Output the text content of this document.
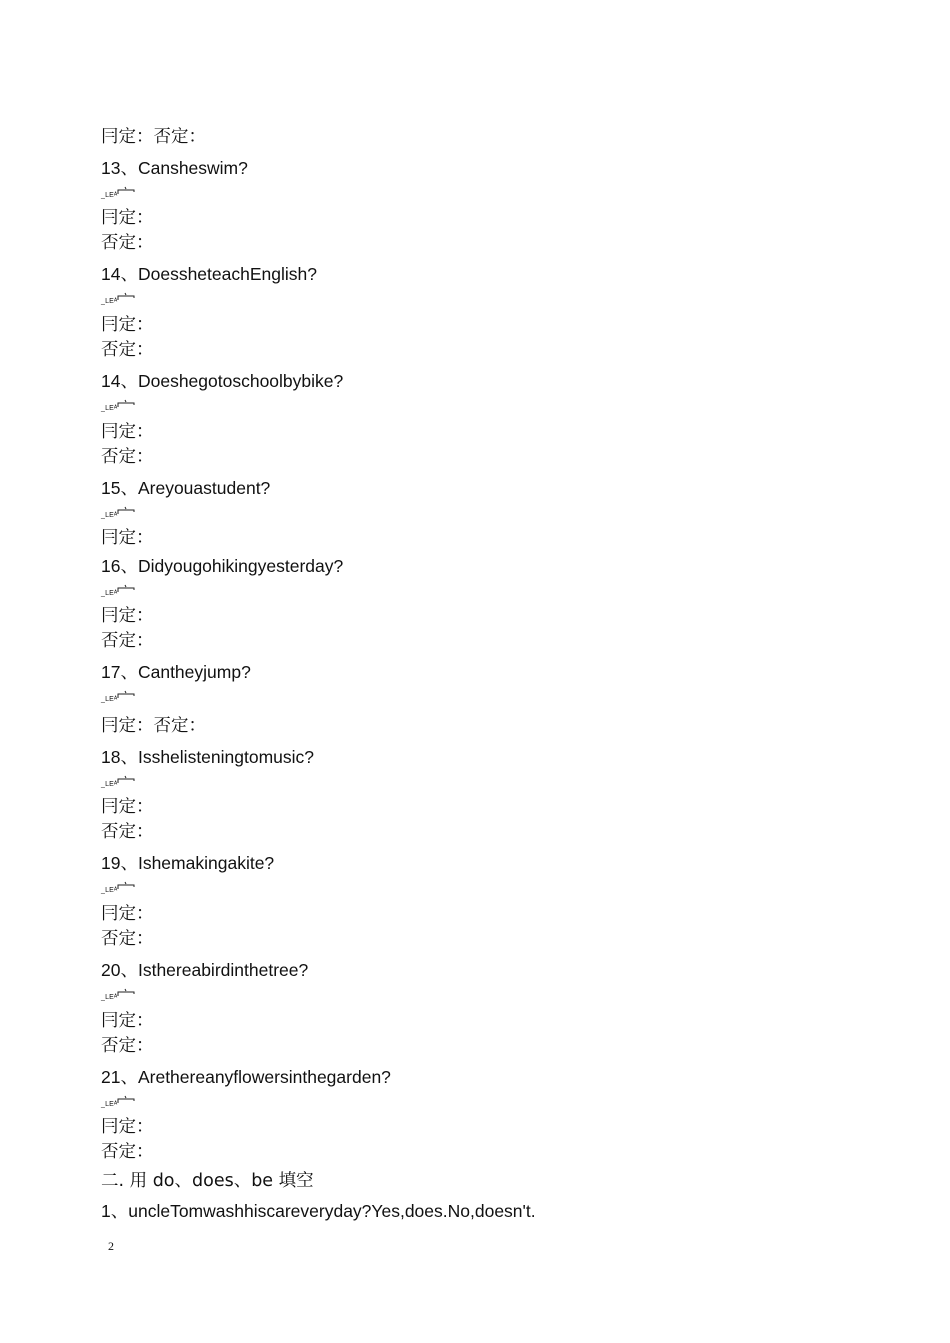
冃定：否定：
13、Cansheswim?
_LEᴬ
冃定：
否定：
14、DoessheteachEnglish?
_LEᴬ
冃定：
否定：
14、Doeshegotoschoolbybike?
_LEᴬ
冃定：
否定：
15、Areyouastudent?
_LEᴬ
冃定：
16、Didyougohikingyesterday?
_LEᴬ
冃定：
否定：
17、Cantheyjump?
_LEᴬ
冃定：否定：
18、Isshelisteningtomusic?
_LEᴬ
冃定：
否定：
19、Ishemakingakite?
_LEᴬ
冃定：
否定：
20、Isthereabirdinthetree?
_LEᴬ
冃定：
否定：
21、Arethereanyflowersinthegarden?
_LEᴬ
冃定：
否定：
二. 用 do、does、be 填空
1、uncleTomwashhiscareveryday?Yes,does.No,doesn't.
2
